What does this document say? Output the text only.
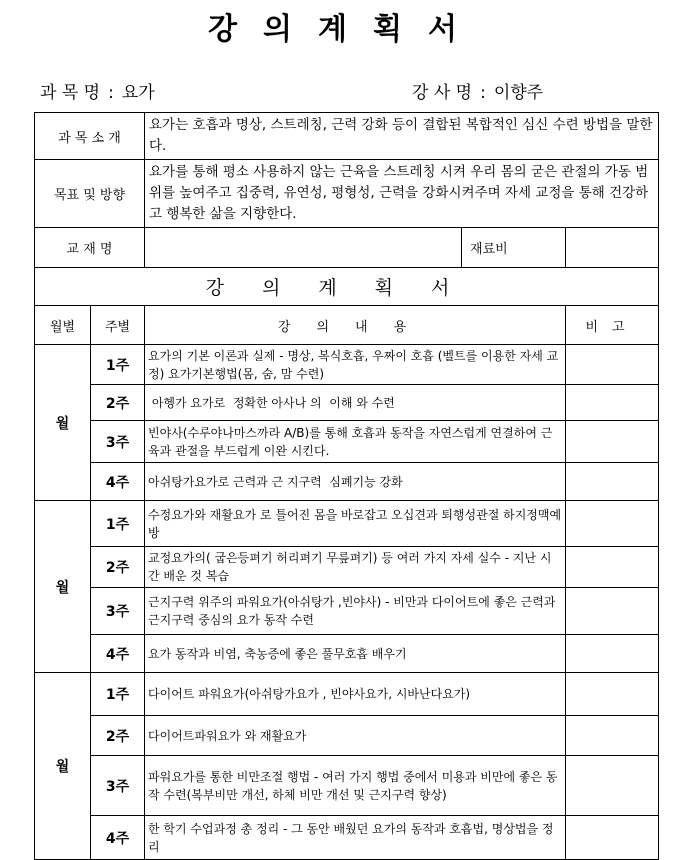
강의계획서
과 목 명 : 요가	강 사 명 : 이향주
과 목 소 개		요가는 호흡과 명상, 스트레칭, 근력 강화 등이 결합된 복합적인 심신 수련 방법을 말한다.		
목표 및 방향		요가를 통해 평소 사용하지 않는 근육을 스트레칭 시켜 우리 몸의 굳은 관절의 가동 범위를 높여주고 집중력, 유연성, 평형성, 근력을 강화시켜주며 자세 교정을 통해 건강하고 행복한 삶을 지향한다.		
교 재 명			재료비	
강의계획서				
월별	주별	강의내용		비고
월	1주	요가의 기본 이론과 실제 - 명상, 복식호흡, 우짜이 호흡 (벨트를 이용한 자세 교정) 요가기본행법(몸, 숨, 맘 수련)		
	2주	아헹가 요가로  정확한 아사나 의  이해 와 수련		
	3주	빈야사(수루야나마스까라 A/B)를 통해 호흡과 동작을 자연스럽게 연결하여 근육과 관절을 부드럽게 이완 시킨다.		
	4주	아쉬탕가요가로 근력과 근 지구력  심폐기능 강화		
월	1주	수정요가와 재활요가 로 틀어진 몸을 바로잡고 오십견과 퇴행성관절 하지정맥예방		
	2주	교정요가의( 굽은등펴기 허리펴기 무릎펴기) 등 여러 가지 자세 실수 - 지난 시간 배운 것 복습		
	3주	근지구력 위주의 파워요가(아쉬탕가 ,빈야사) - 비만과 다이어트에 좋은 근력과 근지구력 중심의 요가 동작 수련		
	4주	요가 동작과 비염, 축농증에 좋은 풀무호흡 배우기		
월	1주	다이어트 파워요가(아쉬탕가요가 , 빈야사요가, 시바난다요가)		
	2주	다이어트파워요가 와 재활요가		
	3주	파워요가를 통한 비만조절 행법 - 여러 가지 행법 중에서 미용과 비만에 좋은 동작 수련(복부비만 개선, 하체 비만 개선 및 근지구력 향상)		
	4주	한 학기 수업과정 총 정리 - 그 동안 배웠던 요가의 동작과 호흡법, 명상법을 정리		
